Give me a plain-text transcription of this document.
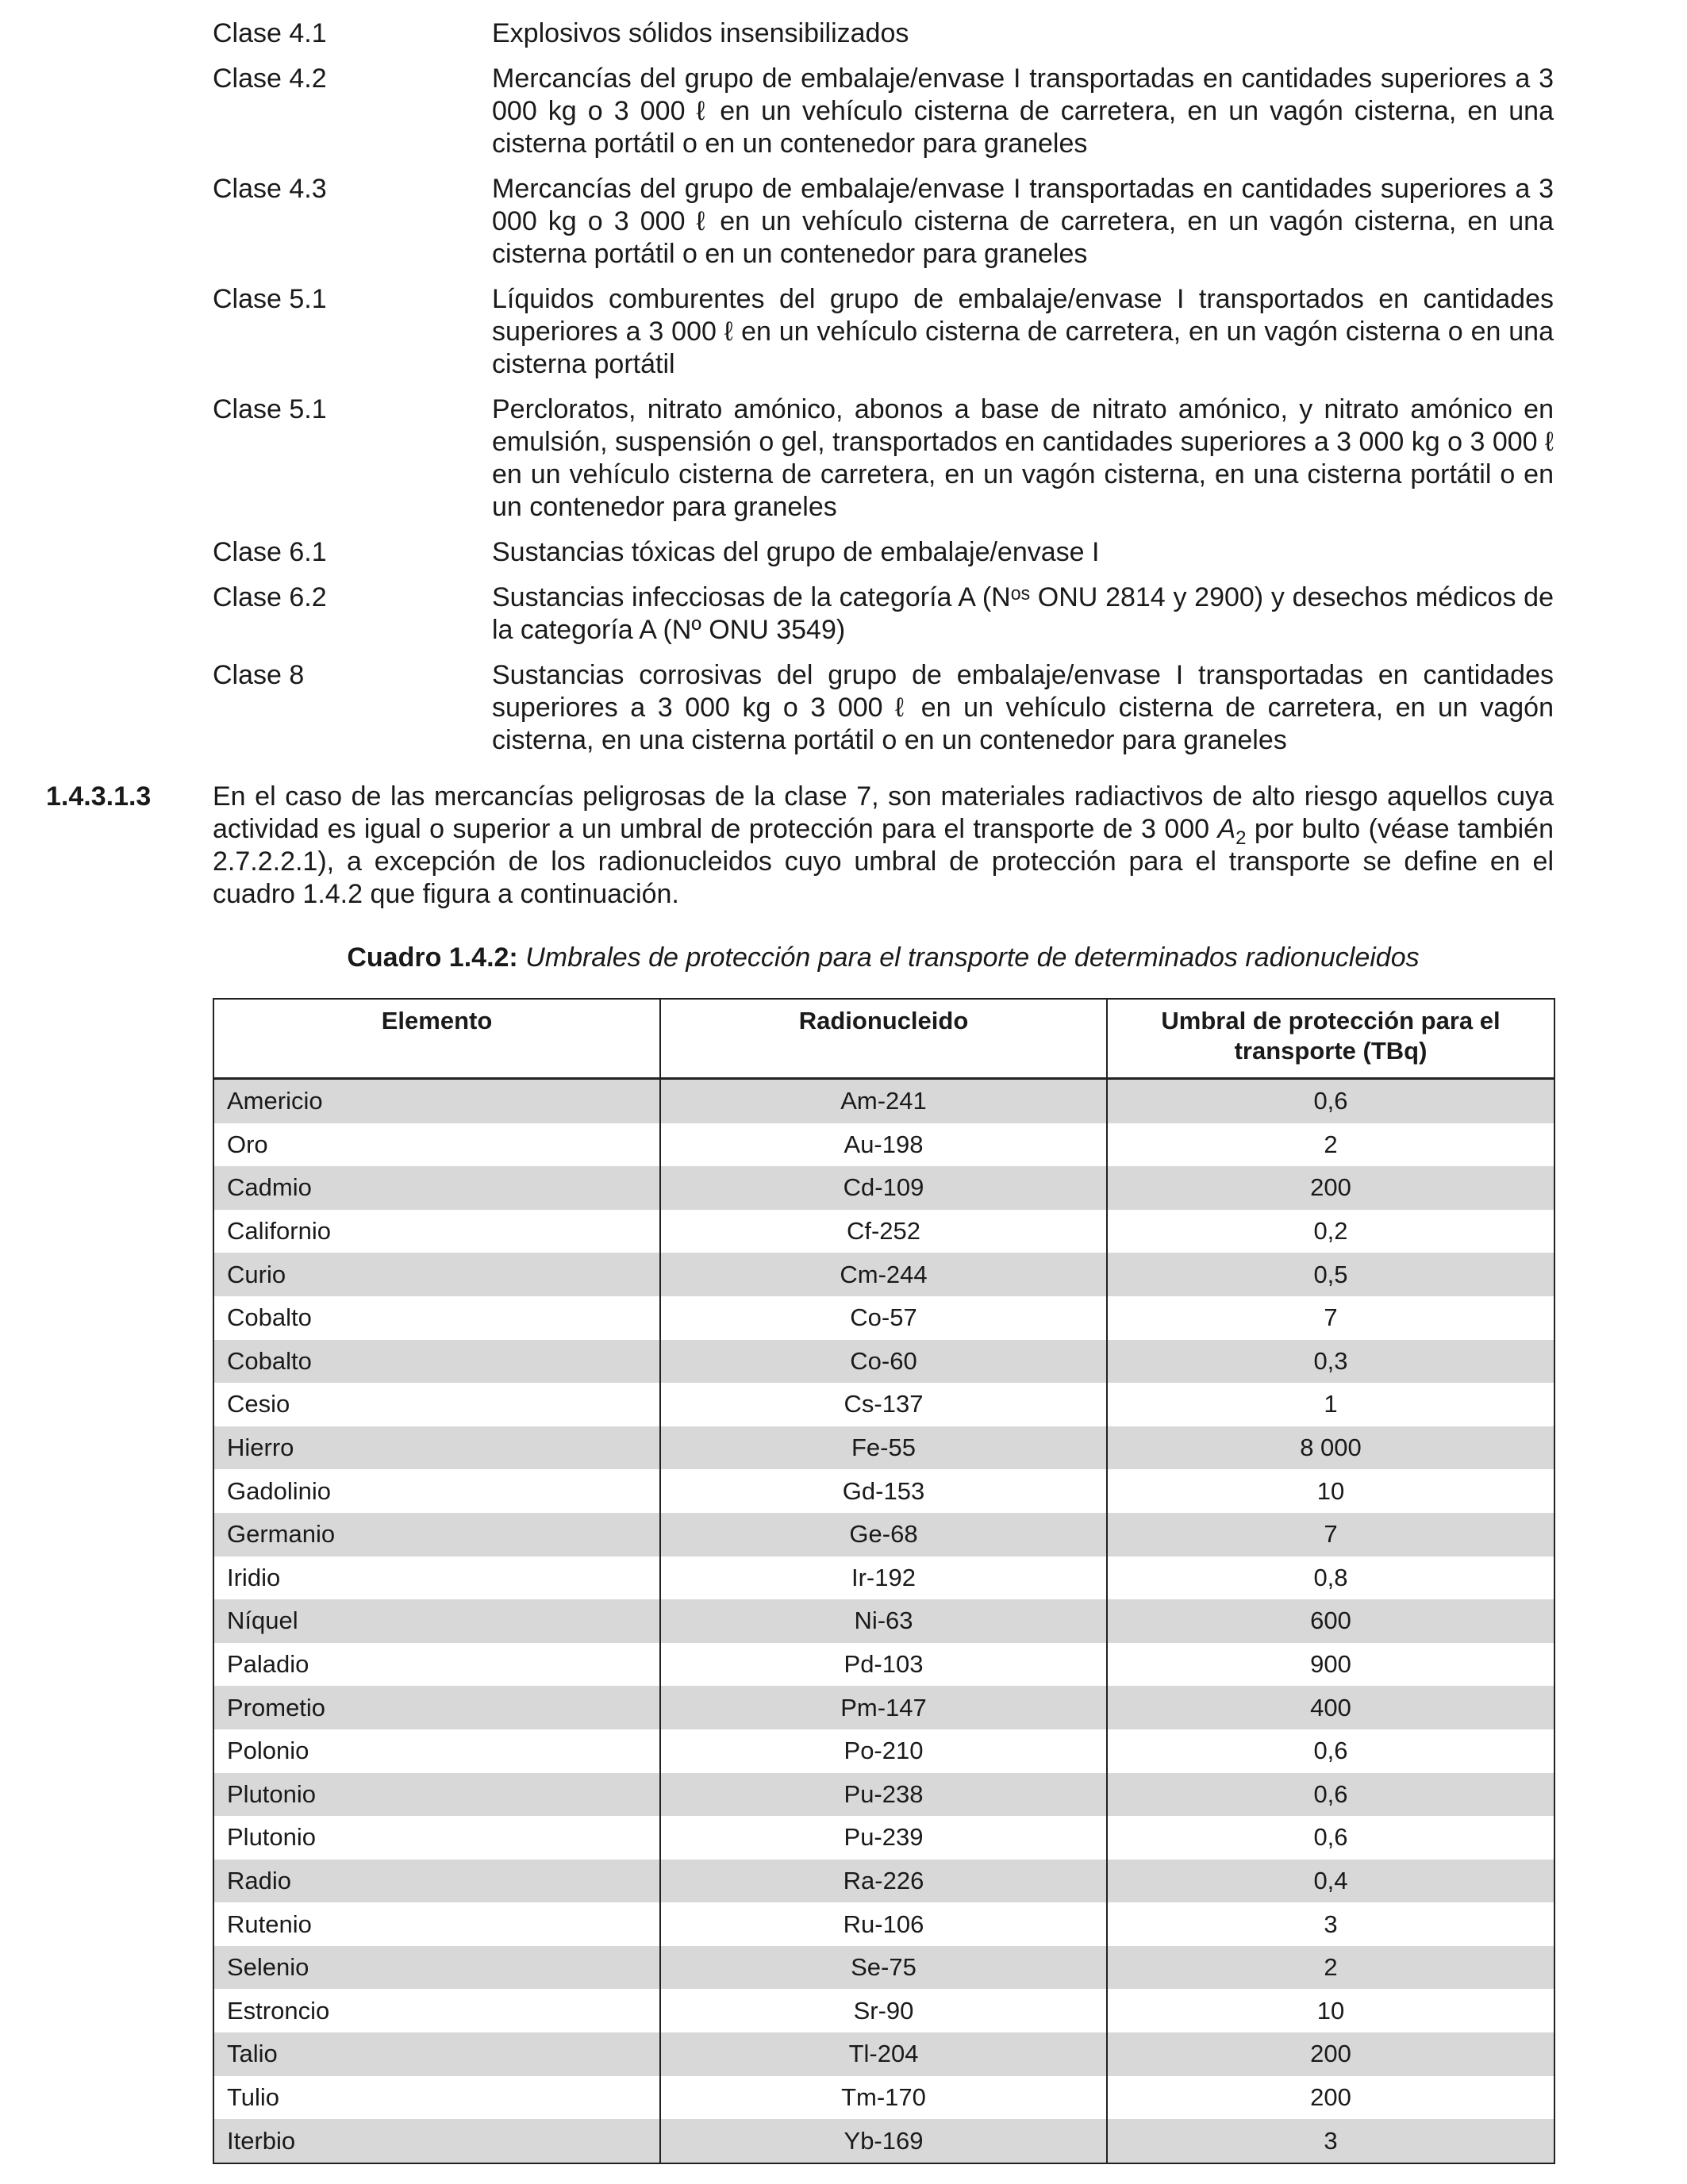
Clase 4.1	Explosivos sólidos insensibilizados
Clase 4.2	Mercancías del grupo de embalaje/envase I transportadas en cantidades superiores a 3 000 kg o 3 000 ℓ en un vehículo cisterna de carretera, en un vagón cisterna, en una cisterna portátil o en un contenedor para graneles
Clase 4.3	Mercancías del grupo de embalaje/envase I transportadas en cantidades superiores a 3 000 kg o 3 000 ℓ en un vehículo cisterna de carretera, en un vagón cisterna, en una cisterna portátil o en un contenedor para graneles
Clase 5.1	Líquidos comburentes del grupo de embalaje/envase I transportados en cantidades superiores a 3 000 ℓ en un vehículo cisterna de carretera, en un vagón cisterna o en una cisterna portátil
Clase 5.1	Percloratos, nitrato amónico, abonos a base de nitrato amónico, y nitrato amónico en emulsión, suspensión o gel, transportados en cantidades superiores a 3 000 kg o 3 000 ℓ en un vehículo cisterna de carretera, en un vagón cisterna, en una cisterna portátil o en un contenedor para graneles
Clase 6.1	Sustancias tóxicas del grupo de embalaje/envase I
Clase 6.2	Sustancias infecciosas de la categoría A (Nᵒˢ ONU 2814 y 2900) y desechos médicos de la categoría A (Nº ONU 3549)
Clase 8	Sustancias corrosivas del grupo de embalaje/envase I transportadas en cantidades superiores a 3 000 kg o 3 000 ℓ en un vehículo cisterna de carretera, en un vagón cisterna, en una cisterna portátil o en un contenedor para graneles
1.4.3.1.3	En el caso de las mercancías peligrosas de la clase 7, son materiales radiactivos de alto riesgo aquellos cuya actividad es igual o superior a un umbral de protección para el transporte de 3 000 $A_2$ por bulto (véase también 2.7.2.2.1), a excepción de los radionucleidos cuyo umbral de protección para el transporte se define en el cuadro 1.4.2 que figura a continuación.
Cuadro 1.4.2: Umbrales de protección para el transporte de determinados radionucleidos
Elemento	Radionucleido	Umbral de protección para el transporte (TBq)
Americio	Am-241	0,6
Oro	Au-198	2
Cadmio	Cd-109	200
Californio	Cf-252	0,2
Curio	Cm-244	0,5
Cobalto	Co-57	7
Cobalto	Co-60	0,3
Cesio	Cs-137	1
Hierro	Fe-55	8 000
Gadolinio	Gd-153	10
Germanio	Ge-68	7
Iridio	Ir-192	0,8
Níquel	Ni-63	600
Paladio	Pd-103	900
Prometio	Pm-147	400
Polonio	Po-210	0,6
Plutonio	Pu-238	0,6
Plutonio	Pu-239	0,6
Radio	Ra-226	0,4
Rutenio	Ru-106	3
Selenio	Se-75	2
Estroncio	Sr-90	10
Talio	Tl-204	200
Tulio	Tm-170	200
Iterbio	Yb-169	3
